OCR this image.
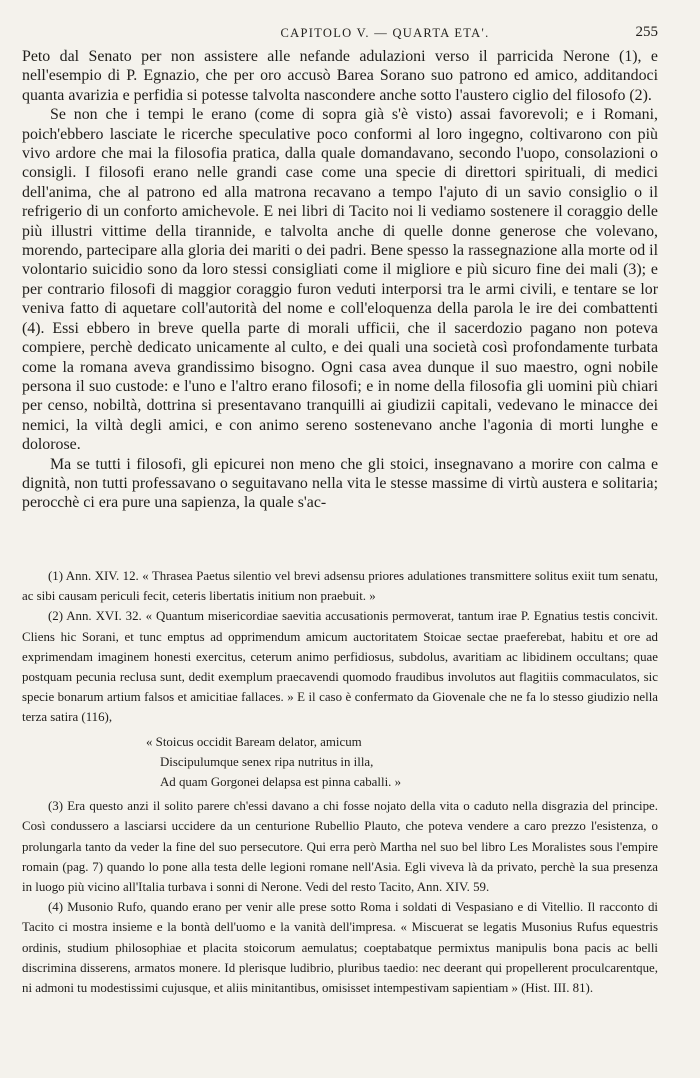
CAPITOLO V. — QUARTA ETA'.	255

Peto dal Senato per non assistere alle nefande adulazioni verso il parricida Nerone (1), e nell'esempio di P. Egnazio, che per oro accusò Barea Sorano suo patrono ed amico, additandoci quanta avarizia e perfidia si potesse talvolta nascondere anche sotto l'austero ciglio del filosofo (2).

Se non che i tempi le erano (come di sopra già s'è visto) assai favorevoli; e i Romani, poich'ebbero lasciate le ricerche speculative poco conformi al loro ingegno, coltivarono con più vivo ardore che mai la filosofia pratica, dalla quale domandavano, secondo l'uopo, consolazioni o consigli. I filosofi erano nelle grandi case come una specie di direttori spirituali, di medici dell'anima, che al patrono ed alla matrona recavano a tempo l'ajuto di un savio consiglio o il refrigerio di un conforto amichevole. E nei libri di Tacito noi li vediamo sostenere il coraggio delle più illustri vittime della tirannide, e talvolta anche di quelle donne generose che volevano, morendo, partecipare alla gloria dei mariti o dei padri. Bene spesso la rassegnazione alla morte od il volontario suicidio sono da loro stessi consigliati come il migliore e più sicuro fine dei mali (3); e per contrario filosofi di maggior coraggio furon veduti interporsi tra le armi civili, e tentare se lor veniva fatto di aquetare coll'autorità del nome e coll'eloquenza della parola le ire dei combattenti (4). Essi ebbero in breve quella parte di morali ufficii, che il sacerdozio pagano non poteva compiere, perchè dedicato unicamente al culto, e dei quali una società così profondamente turbata come la romana aveva grandissimo bisogno. Ogni casa avea dunque il suo maestro, ogni nobile persona il suo custode: e l'uno e l'altro erano filosofi; e in nome della filosofia gli uomini più chiari per censo, nobiltà, dottrina si presentavano tranquilli ai giudizii capitali, vedevano le minacce dei nemici, la viltà degli amici, e con animo sereno sostenevano anche l'agonia di morti lunghe e dolorose.

Ma se tutti i filosofi, gli epicurei non meno che gli stoici, insegnavano a morire con calma e dignità, non tutti professavano o seguitavano nella vita le stesse massime di virtù austera e solitaria; perocchè ci era pure una sapienza, la quale s'ac-

(1) Ann. XIV. 12. « Thrasea Paetus silentio vel brevi adsensu priores adulationes transmittere solitus exiit tum senatu, ac sibi causam periculi fecit, ceteris libertatis initium non praebuit. »

(2) Ann. XVI. 32. « Quantum misericordiae saevitia accusationis permoverat, tantum irae P. Egnatius testis concivit. Cliens hic Sorani, et tunc emptus ad opprimendum amicum auctoritatem Stoicae sectae praeferebat, habitu et ore ad exprimendam imaginem honesti exercitus, ceterum animo perfidiosus, subdolus, avaritiam ac libidinem occultans; quae postquam pecunia reclusa sunt, dedit exemplum praecavendi quomodo fraudibus involutos aut flagitiis commaculatos, sic specie bonarum artium falsos et amicitiae fallaces. » E il caso è confermato da Giovenale che ne fa lo stesso giudizio nella terza satira (116),

« Stoicus occidit Baream delator, amicum
Discipulumque senex ripa nutritus in illa,
Ad quam Gorgonei delapsa est pinna caballi. »

(3) Era questo anzi il solito parere ch'essi davano a chi fosse nojato della vita o caduto nella disgrazia del principe. Così condussero a lasciarsi uccidere da un centurione Rubellio Plauto, che poteva vendere a caro prezzo l'esistenza, o prolungarla tanto da veder la fine del suo persecutore. Qui erra però Martha nel suo bel libro Les Moralistes sous l'empire romain (pag. 7) quando lo pone alla testa delle legioni romane nell'Asia. Egli viveva là da privato, perchè la sua presenza in luogo più vicino all'Italia turbava i sonni di Nerone. Vedi del resto Tacito, Ann. XIV. 59.

(4) Musonio Rufo, quando erano per venir alle prese sotto Roma i soldati di Vespasiano e di Vitellio. Il racconto di Tacito ci mostra insieme e la bontà dell'uomo e la vanità dell'impresa. « Miscuerat se legatis Musonius Rufus equestris ordinis, studium philosophiae et placita stoicorum aemulatus; coeptabatque permixtus manipulis bona pacis ac belli discrimina disserens, armatos monere. Id plerisque ludibrio, pluribus taedio: nec deerant qui propellerent proculcarentque, ni admoni tu modestissimi cujusque, et aliis minitantibus, omisisset intempestivam sapientiam » (Hist. III. 81).
